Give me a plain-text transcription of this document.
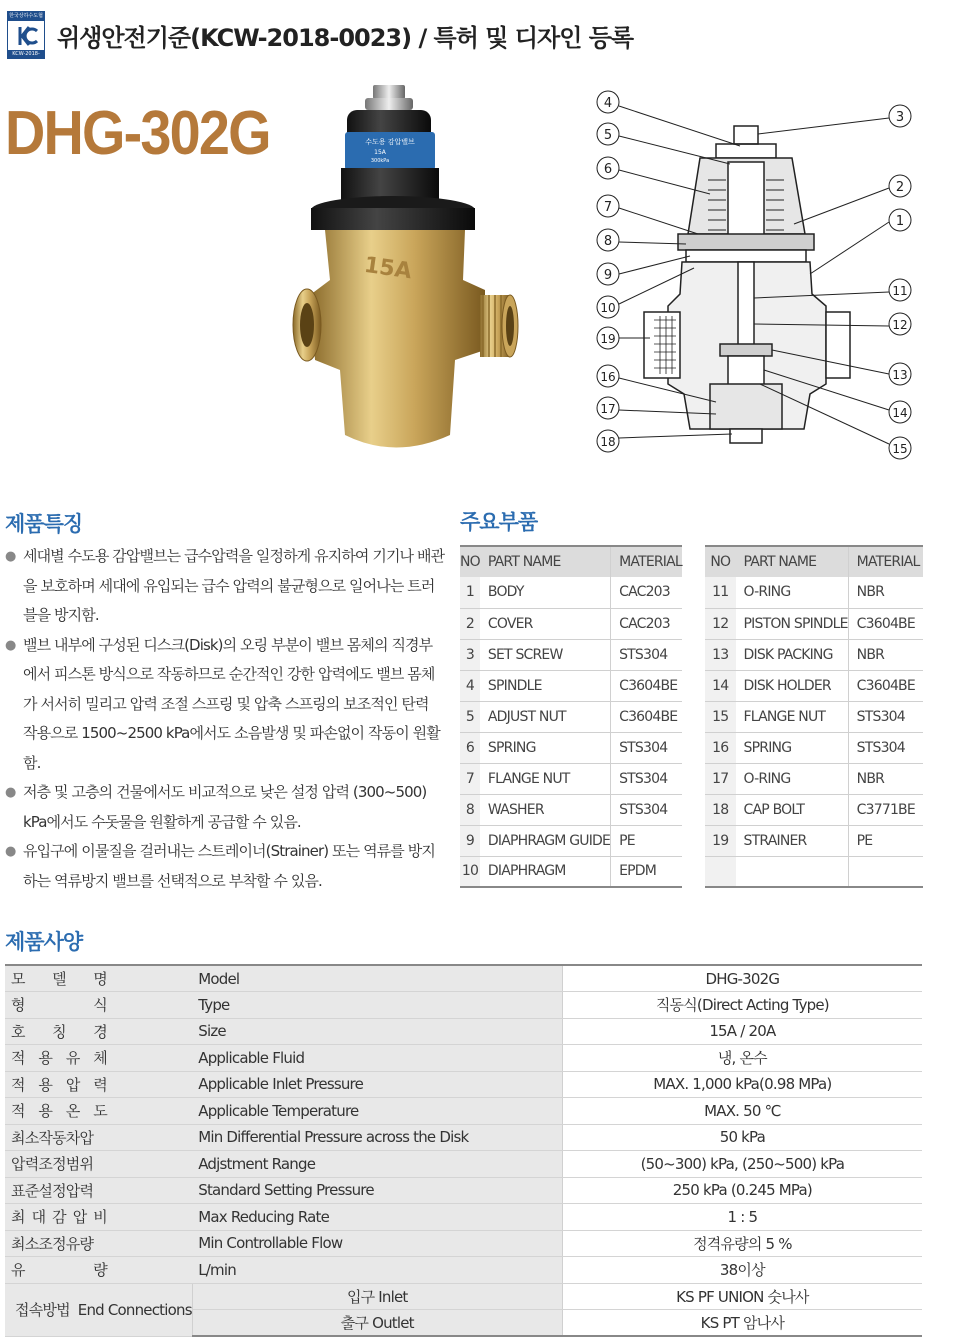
한국상하수도협회
KCW-2018-0023
위생안전기준(KCW-2018-0023) / 특허 및 디자인 등록
DHG-302G	수도용 감압밸브
15A
300kPa
15A
4
5
6
7
8
9
10
19
16
17
18
3
2
1
11
12
13
14
15
제품특징
● 세대별 수도용 감압밸브는 급수압력을 일정하게 유지하여 기기나 배관을 보호하며 세대에 유입되는 급수 압력의 불균형으로 일어나는 트러블을 방지함.
● 밸브 내부에 구성된 디스크(Disk)의 오링 부분이 밸브 몸체의 직경부에서 피스톤 방식으로 작동하므로 순간적인 강한 압력에도 밸브 몸체가 서서히 밀리고 압력 조절 스프링 및 압축 스프링의 보조적인 탄력 작용으로 1500~2500 kPa에서도 소음발생 및 파손없이 작동이 원활함.
● 저층 및 고층의 건물에서도 비교적으로 낮은 설정 압력 (300~500) kPa에서도 수돗물을 원활하게 공급할 수 있음.
● 유입구에 이물질을 걸러내는 스트레이너(Strainer) 또는 역류를 방지하는 역류방지 밸브를 선택적으로 부착할 수 있음.
주요부품
NO	PART NAME	MATERIAL
1	BODY	CAC203
2	COVER	CAC203
3	SET SCREW	STS304
4	SPINDLE	C3604BE
5	ADJUST NUT	C3604BE
6	SPRING	STS304
7	FLANGE NUT	STS304
8	WASHER	STS304
9	DIAPHRAGM GUIDE	PE
10	DIAPHRAGM	EPDM
NO	PART NAME	MATERIAL
11	O-RING	NBR
12	PISTON SPINDLE	C3604BE
13	DISK PACKING	NBR
14	DISK HOLDER	C3604BE
15	FLANGE NUT	STS304
16	SPRING	STS304
17	O-RING	NBR
18	CAP BOLT	C3771BE
19	STRAINER	PE

제품사양
모 델 명	Model	DHG-302G

형 식	Type	직동식(Direct Acting Type)

호 칭 경	Size	15A / 20A

적 용 유 체	Applicable Fluid	냉, 온수

적 용 압 력	Applicable Inlet Pressure	MAX. 1,000 kPa(0.98 MPa)

적 용 온 도	Applicable Temperature	MAX. 50 ℃

최소작동차압	Min Differential Pressure across the Disk	50 kPa

압력조정범위	Adjstment Range	(50~300) kPa, (250~500) kPa

표준설정압력	Standard Setting Pressure	250 kPa (0.245 MPa)

최 대 감 압 비	Max Reducing Rate	1 : 5

최소조정유량	Min Controllable Flow	정격유량의 5 %

유 량	L/min	38이상
접속방법 End Connections	입구 Inlet	KS PF UNION 숫나사
	출구 Outlet	KS PT 암나사
